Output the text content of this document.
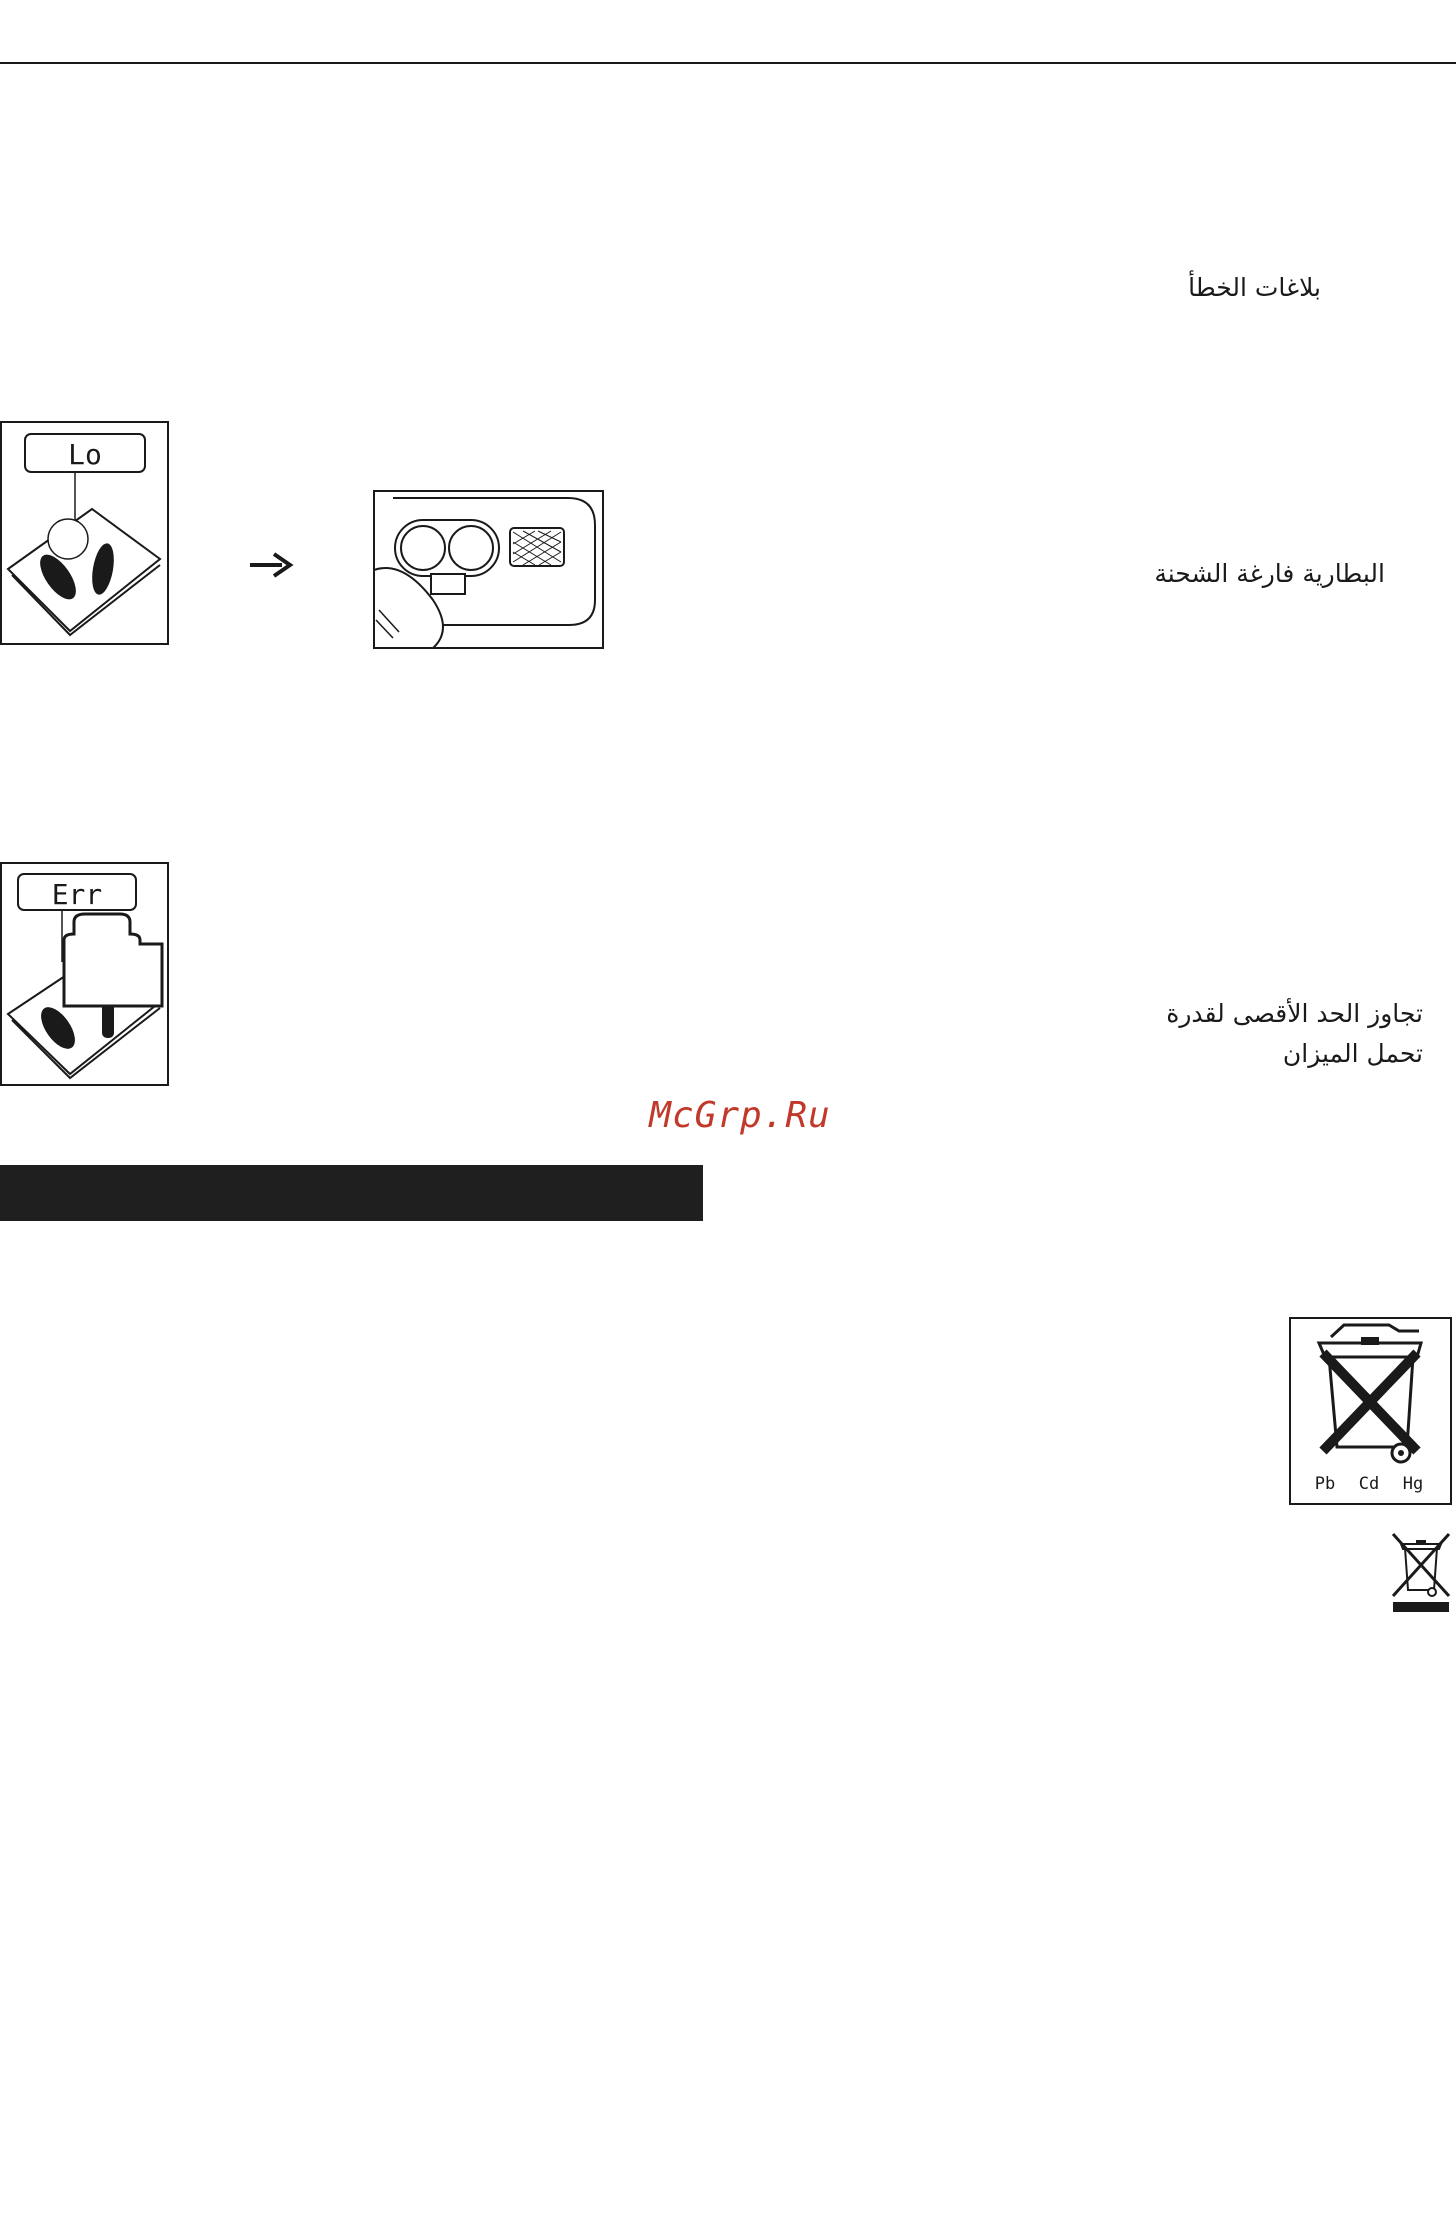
بلاغات الخطأ
Lo
البطارية فارغة الشحنة
Err
تجاوز الحد الأقصى لقدرة
تحمل الميزان
McGrp.Ru
Pb Cd Hg
